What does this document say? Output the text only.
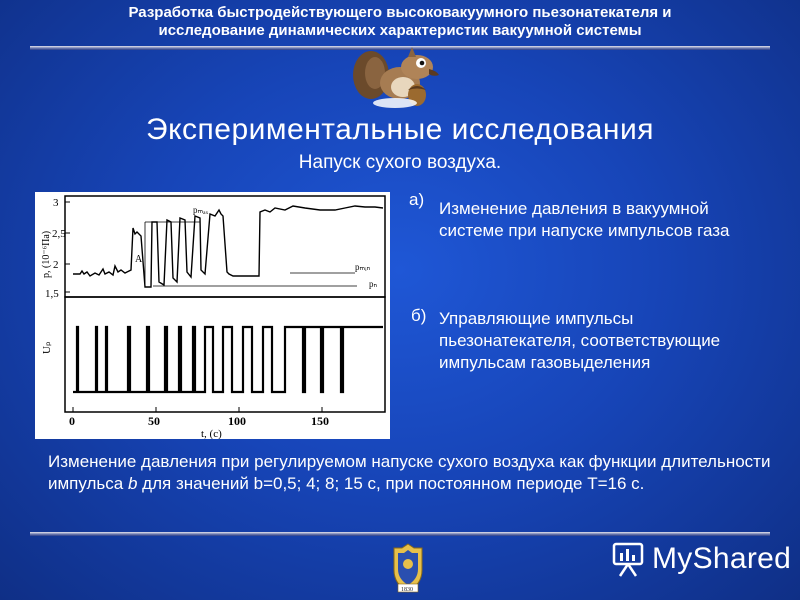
Разработка быстродействующего высоковакуумного пьезонатекателя и
исследование динамических характеристик вакуумной системы
Экспериментальные исследования
Напуск сухого воздуха.
3
2,5
2
1,5
p, (10⁻⁶Па)
Uₚ
pₘₐₓ
pₘᵢₙ
pₙ
A
0	50	100	150
t, (c)
а) Изменение давления в вакуумной системе при напуске импульсов газа
б) Управляющие импульсы пьезонатекателя, соответствующие импульсам газовыделения
Изменение давления при регулируемом напуске сухого воздуха как функции длительности импульса b для значений b=0,5; 4; 8; 15 с, при постоянном периоде Т=16 с.
1830
MyShared
